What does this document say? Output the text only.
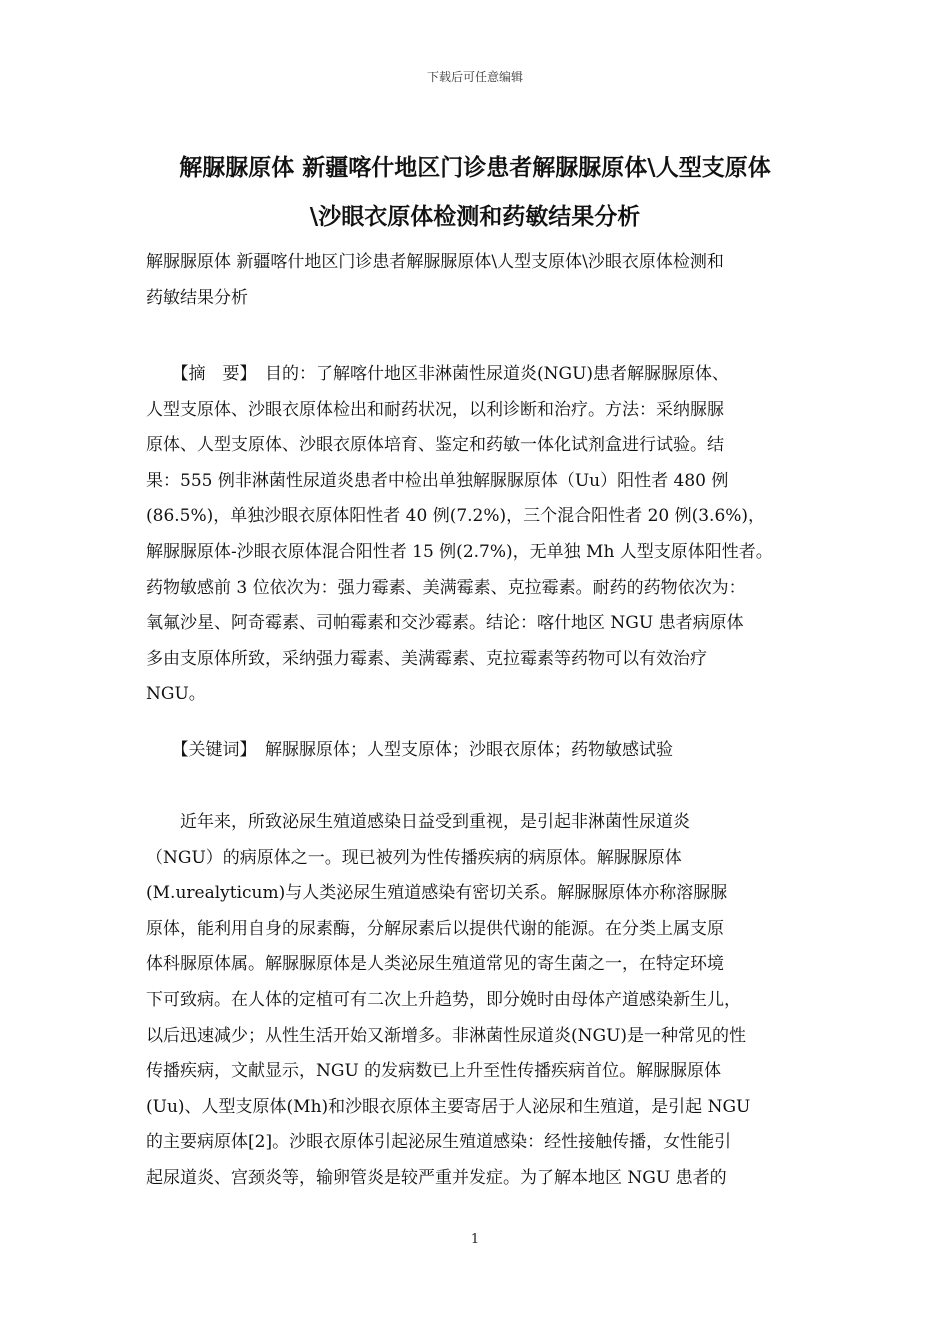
下载后可任意编辑
解脲脲原体 新疆喀什地区门诊患者解脲脲原体\人型支原体
\沙眼衣原体检测和药敏结果分析
解脲脲原体 新疆喀什地区门诊患者解脲脲原体\人型支原体\沙眼衣原体检测和
药敏结果分析
　　【摘　要】　目的：了解喀什地区非淋菌性尿道炎(NGU)患者解脲脲原体、
人型支原体、沙眼衣原体检出和耐药状况，以利诊断和治疗。方法：采纳脲脲
原体、人型支原体、沙眼衣原体培育、鉴定和药敏一体化试剂盒进行试验。结
果：555 例非淋菌性尿道炎患者中检出单独解脲脲原体（Uu）阳性者 480 例
(86.5%)，单独沙眼衣原体阳性者 40 例(7.2%)，三个混合阳性者 20 例(3.6%)，
解脲脲原体-沙眼衣原体混合阳性者 15 例(2.7%)，无单独 Mh 人型支原体阳性者。
药物敏感前 3 位依次为：强力霉素、美满霉素、克拉霉素。耐药的药物依次为：
氧氟沙星、阿奇霉素、司帕霉素和交沙霉素。结论：喀什地区 NGU 患者病原体
多由支原体所致，采纳强力霉素、美满霉素、克拉霉素等药物可以有效治疗
NGU。
　　【关键词】　解脲脲原体；人型支原体；沙眼衣原体；药物敏感试验
　　近年来，所致泌尿生殖道感染日益受到重视，是引起非淋菌性尿道炎
（NGU）的病原体之一。现已被列为性传播疾病的病原体。解脲脲原体
(M.urealyticum)与人类泌尿生殖道感染有密切关系。解脲脲原体亦称溶脲脲
原体，能利用自身的尿素酶，分解尿素后以提供代谢的能源。在分类上属支原
体科脲原体属。解脲脲原体是人类泌尿生殖道常见的寄生菌之一，在特定环境
下可致病。在人体的定植可有二次上升趋势，即分娩时由母体产道感染新生儿，
以后迅速减少；从性生活开始又渐增多。非淋菌性尿道炎(NGU)是一种常见的性
传播疾病，文献显示，NGU 的发病数已上升至性传播疾病首位。解脲脲原体
(Uu)、人型支原体(Mh)和沙眼衣原体主要寄居于人泌尿和生殖道，是引起 NGU
的主要病原体[2]。沙眼衣原体引起泌尿生殖道感染：经性接触传播，女性能引
起尿道炎、宫颈炎等，输卵管炎是较严重并发症。为了解本地区 NGU 患者的
1
